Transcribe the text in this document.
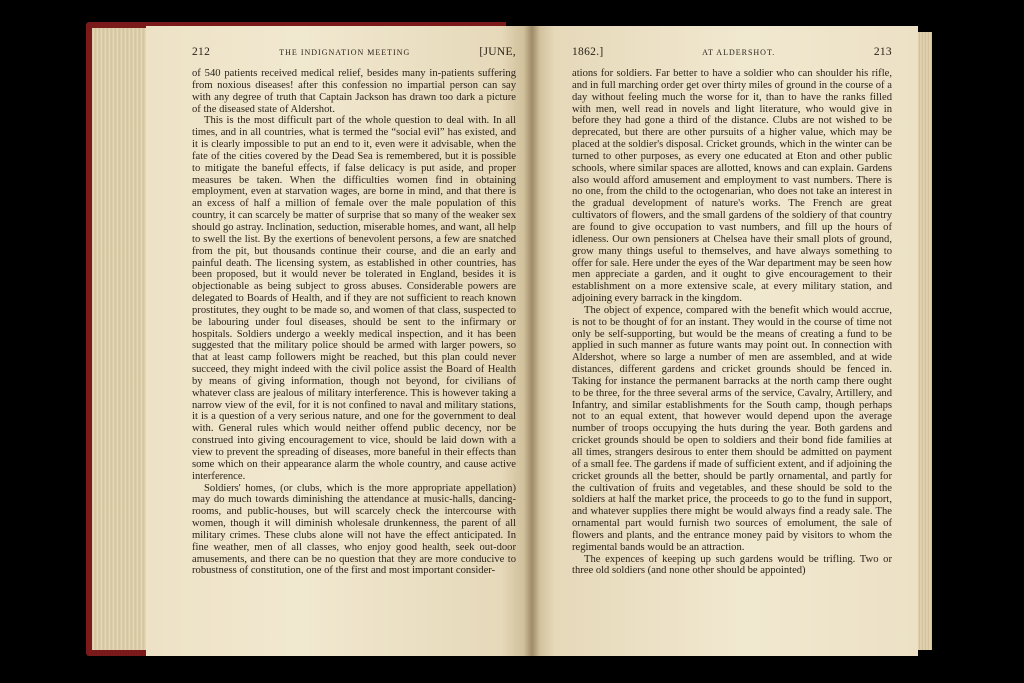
212	THE INDIGNATION MEETING	[JUNE,

of 540 patients received medical relief, besides many in-patients suffering from noxious diseases! after this confession no impartial person can say with any degree of truth that Captain Jackson has drawn too dark a picture of the diseased state of Aldershot.

This is the most difficult part of the whole question to deal with. In all times, and in all countries, what is termed the “social evil” has existed, and it is clearly impossible to put an end to it, even were it advisable, when the fate of the cities covered by the Dead Sea is remembered, but it is possible to mitigate the baneful effects, if false delicacy is put aside, and proper measures be taken. When the difficulties women find in obtaining employment, even at starvation wages, are borne in mind, and that there is an excess of half a million of female over the male population of this country, it can scarcely be matter of surprise that so many of the weaker sex should go astray. Inclination, seduction, miserable homes, and want, all help to swell the list. By the exertions of benevolent persons, a few are snatched from the pit, but thousands continue their course, and die an early and painful death. The licensing system, as established in other countries, has been proposed, but it would never be tolerated in England, besides it is objectionable as being subject to gross abuses. Considerable powers are delegated to Boards of Health, and if they are not sufficient to reach known prostitutes, they ought to be made so, and women of that class, suspected to be labouring under foul diseases, should be sent to the infirmary or hospitals. Soldiers undergo a weekly medical inspection, and it has been suggested that the military police should be armed with larger powers, so that at least camp followers might be reached, but this plan could never succeed, they might indeed with the civil police assist the Board of Health by means of giving information, though not beyond, for civilians of whatever class are jealous of military interference. This is however taking a narrow view of the evil, for it is not confined to naval and military stations, it is a question of a very serious nature, and one for the government to deal with. General rules which would neither offend public decency, nor be construed into giving encouragement to vice, should be laid down with a view to prevent the spreading of diseases, more baneful in their effects than some which on their appearance alarm the whole country, and cause active interference.

Soldiers' homes, (or clubs, which is the more appropriate appellation) may do much towards diminishing the attendance at music-halls, dancing-rooms, and public-houses, but will scarcely check the intercourse with women, though it will diminish wholesale drunkenness, the parent of all military crimes. These clubs alone will not have the effect anticipated. In fine weather, men of all classes, who enjoy good health, seek out-door amusements, and there can be no question that they are more conducive to robustness of constitution, one of the first and most important consider-

1862.]	AT ALDERSHOT.	213

ations for soldiers. Far better to have a soldier who can shoulder his rifle, and in full marching order get over thirty miles of ground in the course of a day without feeling much the worse for it, than to have the ranks filled with men, well read in novels and light literature, who would give in before they had gone a third of the distance. Clubs are not wished to be deprecated, but there are other pursuits of a higher value, which may be placed at the soldier's disposal. Cricket grounds, which in the winter can be turned to other purposes, as every one educated at Eton and other public schools, where similar spaces are allotted, knows and can explain. Gardens also would afford amusement and employment to vast numbers. There is no one, from the child to the octogenarian, who does not take an interest in the gradual development of nature's works. The French are great cultivators of flowers, and the small gardens of the soldiery of that country are found to give occupation to vast numbers, and fill up the hours of idleness. Our own pensioners at Chelsea have their small plots of ground, grow many things useful to themselves, and have always something to offer for sale. Here under the eyes of the War department may be seen how men appreciate a garden, and it ought to give encouragement to their establishment on a more extensive scale, at every military station, and adjoining every barrack in the kingdom.

The object of expence, compared with the benefit which would accrue, is not to be thought of for an instant. They would in the course of time not only be self-supporting, but would be the means of creating a fund to be applied in such manner as future wants may point out. In connection with Aldershot, where so large a number of men are assembled, and at wide distances, different gardens and cricket grounds should be fenced in. Taking for instance the permanent barracks at the north camp there ought to be three, for the three several arms of the service, Cavalry, Artillery, and Infantry, and similar establishments for the South camp, though perhaps not to an equal extent, that however would depend upon the average number of troops occupying the huts during the year. Both gardens and cricket grounds should be open to soldiers and their bond fide families at all times, strangers desirous to enter them should be admitted on payment of a small fee. The gardens if made of sufficient extent, and if adjoining the cricket grounds all the better, should be partly ornamental, and partly for the cultivation of fruits and vegetables, and these should be sold to the soldiers at half the market price, the proceeds to go to the fund in support, and whatever supplies there might be would always find a ready sale. The ornamental part would furnish two sources of emolument, the sale of flowers and plants, and the entrance money paid by visitors to whom the regimental bands would be an attraction.

The expences of keeping up such gardens would be trifling. Two or three old soldiers (and none other should be appointed)
